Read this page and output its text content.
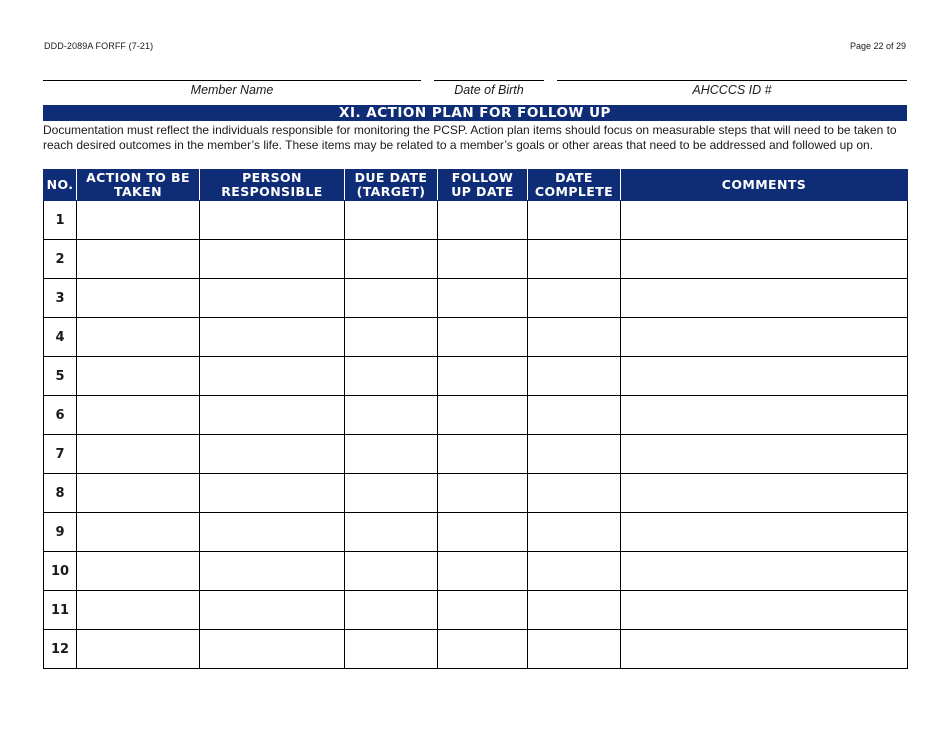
DDD-2089A FORFF (7-21)	Page 22 of 29
Member Name	Date of Birth	AHCCCS ID #
XI. ACTION PLAN FOR FOLLOW UP

Documentation must reflect the individuals responsible for monitoring the PCSP. Action plan items should focus on measurable steps that will need to be taken to reach desired outcomes in the member’s life. These items may be related to a member’s goals or other areas that need to be addressed and followed up on.

NO.	ACTION TO BE TAKEN	PERSON RESPONSIBLE	DUE DATE (TARGET)	FOLLOW UP DATE	DATE COMPLETE	COMMENTS
1						
2						
3						
4						
5						
6						
7						
8						
9						
10						
11						
12						
